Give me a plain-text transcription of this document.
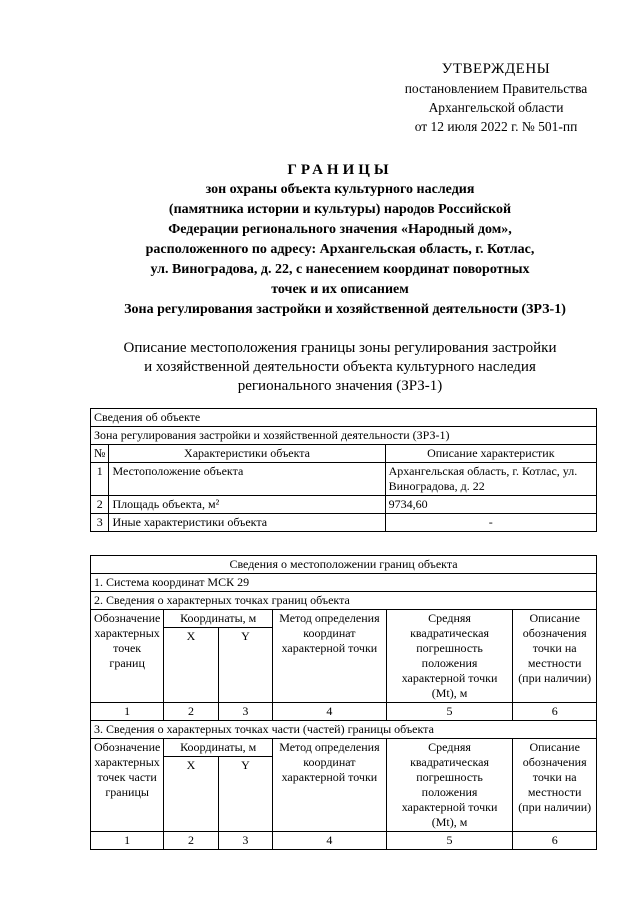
УТВЕРЖДЕНЫ
постановлением Правительства
Архангельской области
от 12 июля 2022 г. № 501-пп
ГРАНИЦЫ
зон охраны объекта культурного наследия
(памятника истории и культуры) народов Российской
Федерации регионального значения «Народный дом»,
расположенного по адресу: Архангельская область, г. Котлас,
ул. Виноградова, д. 22, с нанесением координат поворотных
точек и их описанием
Зона регулирования застройки и хозяйственной деятельности (ЗРЗ-1)
Описание местоположения границы зоны регулирования застройки
и хозяйственной деятельности объекта культурного наследия
регионального значения (ЗРЗ-1)
Сведения об объекте		
Зона регулирования застройки и хозяйственной деятельности (ЗРЗ-1)		
№	Характеристики объекта	Описание характеристик
1	Местоположение объекта	Архангельская область, г. Котлас, ул. Виноградова, д. 22
2	Площадь объекта, м²	9734,60
3	Иные характеристики объекта	-
Сведения о местоположении границ объекта					
1. Система координат МСК 29					
2. Сведения о характерных точках границ объекта					
Обозначение характерных точек границ	Координаты, м		Метод определения координат характерной точки	Средняя квадратическая погрешность положения характерной точки (Mt), м	Описание обозначения точки на местности (при наличии)
	X	Y			
1	2	3	4	5	6
3. Сведения о характерных точках части (частей) границы объекта					
Обозначение характерных точек части границы	Координаты, м		Метод определения координат характерной точки	Средняя квадратическая погрешность положения характерной точки (Mt), м	Описание обозначения точки на местности (при наличии)
	X	Y			
1	2	3	4	5	6
